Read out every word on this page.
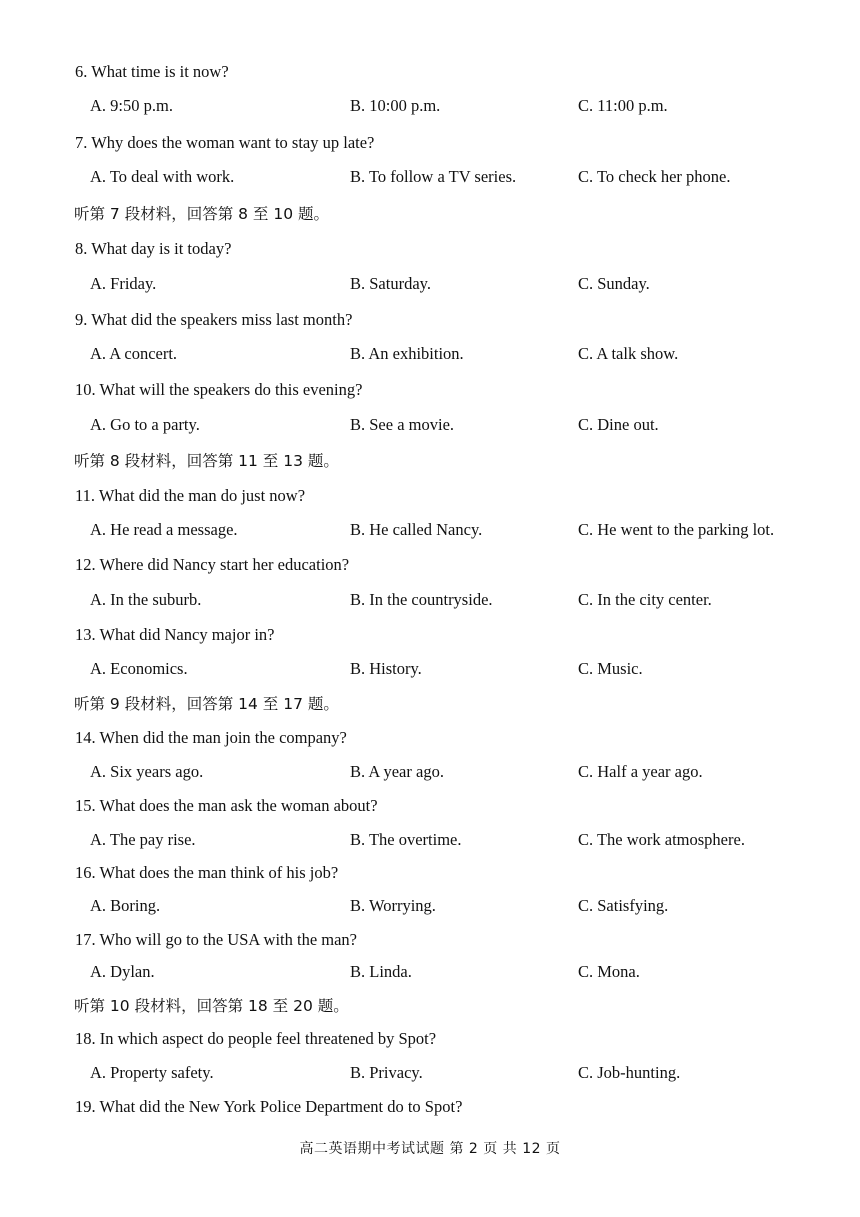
6. What time is it now?
A. 9:50 p.m.	B. 10:00 p.m.	C. 11:00 p.m.
7. Why does the woman want to stay up late?
A. To deal with work.	B. To follow a TV series.	C. To check her phone.
听第 7 段材料，回答第 8 至 10 题。
8. What day is it today?
A. Friday.	B. Saturday.	C. Sunday.
9. What did the speakers miss last month?
A. A concert.	B. An exhibition.	C. A talk show.
10. What will the speakers do this evening?
A. Go to a party.	B. See a movie.	C. Dine out.
听第 8 段材料，回答第 11 至 13 题。
11. What did the man do just now?
A. He read a message.	B. He called Nancy.	C. He went to the parking lot.
12. Where did Nancy start her education?
A. In the suburb.	B. In the countryside.	C. In the city center.
13. What did Nancy major in?
A. Economics.	B. History.	C. Music.
听第 9 段材料，回答第 14 至 17 题。
14. When did the man join the company?
A. Six years ago.	B. A year ago.	C. Half a year ago.
15. What does the man ask the woman about?
A. The pay rise.	B. The overtime.	C. The work atmosphere.
16. What does the man think of his job?
A. Boring.	B. Worrying.	C. Satisfying.
17. Who will go to the USA with the man?
A. Dylan.	B. Linda.	C. Mona.
听第 10 段材料，回答第 18 至 20 题。
18. In which aspect do people feel threatened by Spot?
A. Property safety.	B. Privacy.	C. Job-hunting.
19. What did the New York Police Department do to Spot?
高二英语期中考试试题 第 2 页 共 12 页
